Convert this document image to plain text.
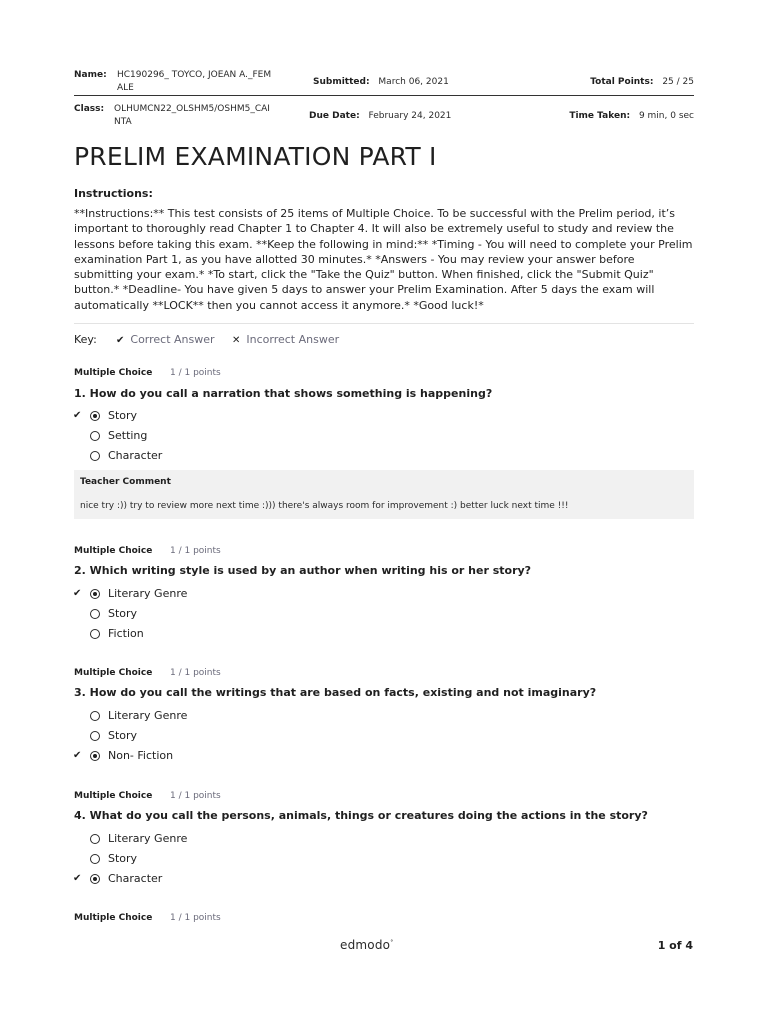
Name: HC190296_ TOYCO, JOEAN A._FEM ALE
Submitted: March 06, 2021	Total Points: 25 / 25
Class: OLHUMCN22_OLSHM5/OSHM5_CAI NTA
Due Date: February 24, 2021	Time Taken: 9 min, 0 sec
PRELIM EXAMINATION PART I
Instructions:
**Instructions:** This test consists of 25 items of Multiple Choice. To be successful with the Prelim period, it’s important to thoroughly read Chapter 1 to Chapter 4. It will also be extremely useful to study and review the lessons before taking this exam. **Keep the following in mind:** *Timing - You will need to complete your Prelim examination Part 1, as you have allotted 30 minutes.* *Answers - You may review your answer before submitting your exam.* *To start, click the "Take the Quiz" button. When finished, click the "Submit Quiz" button.* *Deadline- You have given 5 days to answer your Prelim Examination. After 5 days the exam will automatically **LOCK** then you cannot access it anymore.* *Good luck!*
Key: ✔ Correct Answer ✕ Incorrect Answer
Multiple Choice	1 / 1 points
1. How do you call a narration that shows something is happening?
✔ Story
Setting
Character
Teacher Comment
nice try :)) try to review more next time :))) there's always room for improvement :) better luck next time !!!
Multiple Choice	1 / 1 points
2. Which writing style is used by an author when writing his or her story?
✔ Literary Genre
Story
Fiction
Multiple Choice	1 / 1 points
3. How do you call the writings that are based on facts, existing and not imaginary?
Literary Genre
Story
✔ Non- Fiction
Multiple Choice	1 / 1 points
4. What do you call the persons, animals, things or creatures doing the actions in the story?
Literary Genre
Story
✔ Character
Multiple Choice	1 / 1 points
edmodo°	1 of 4
